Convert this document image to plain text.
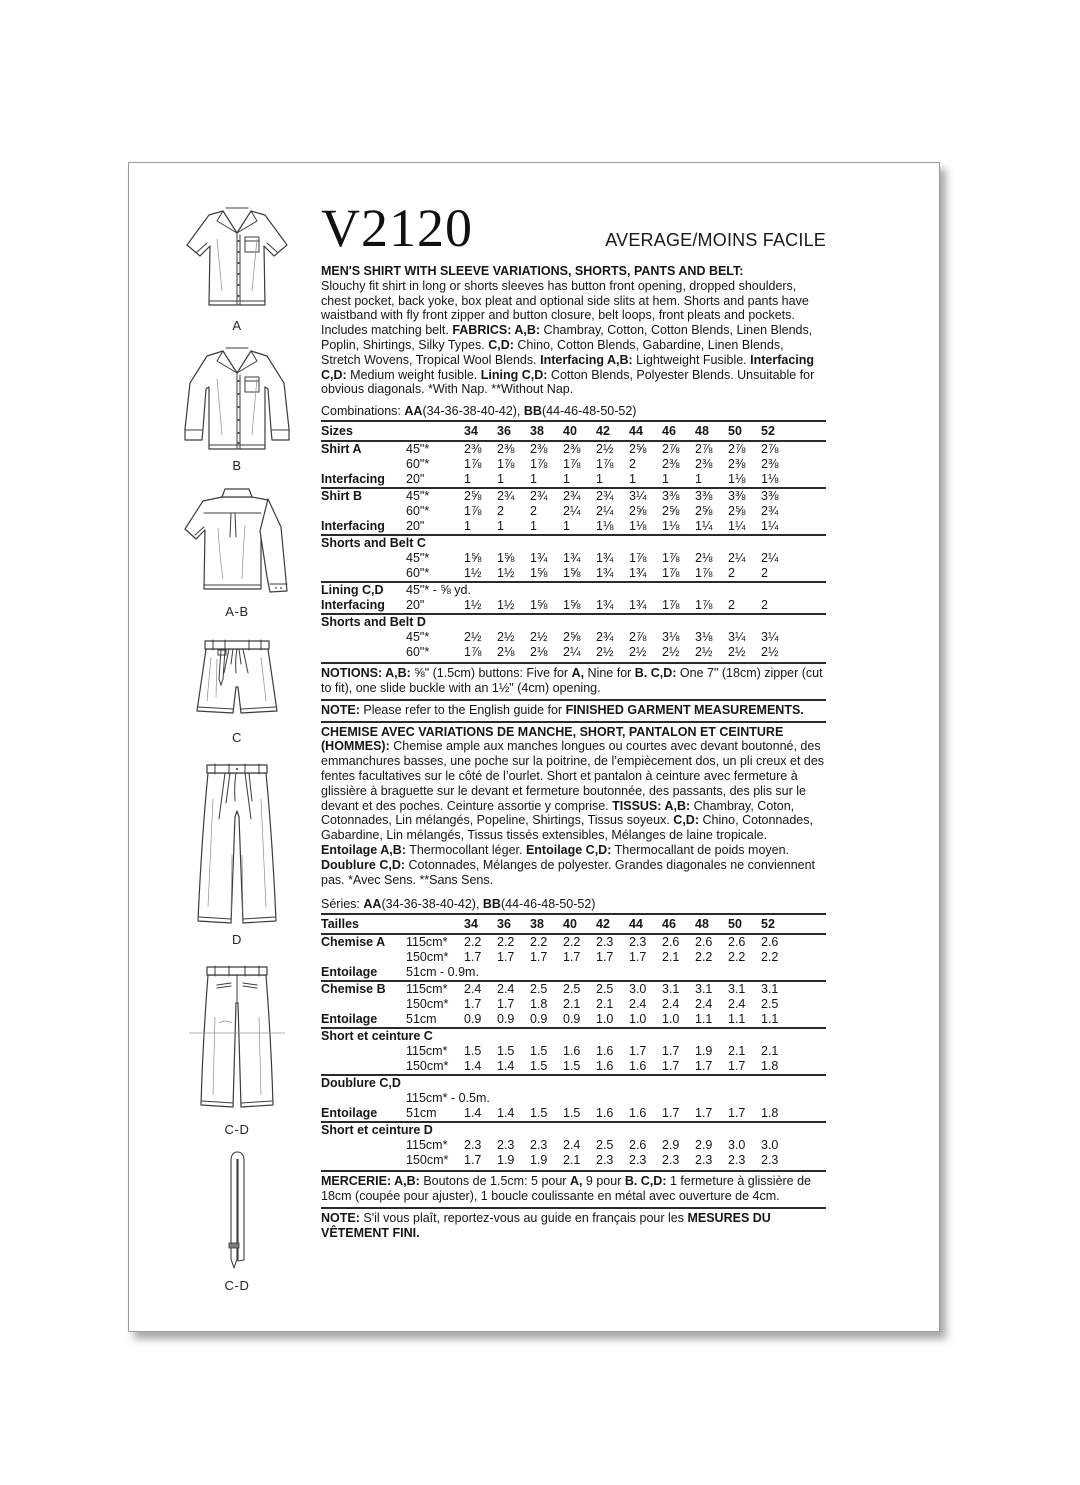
A
B
A-B
C
D
C-D
C-D
V2120	AVERAGE/MOINS FACILE
MEN'S SHIRT WITH SLEEVE VARIATIONS, SHORTS, PANTS AND BELT:
Slouchy fit shirt in long or shorts sleeves has button front opening, dropped shoulders, chest pocket, back yoke, box pleat and optional side slits at hem. Shorts and pants have waistband with fly front zipper and button closure, belt loops, front pleats and pockets. Includes matching belt. FABRICS: A,B: Chambray, Cotton, Cotton Blends, Linen Blends, Poplin, Shirtings, Silky Types. C,D: Chino, Cotton Blends, Gabardine, Linen Blends, Stretch Wovens, Tropical Wool Blends. Interfacing A,B: Lightweight Fusible. Interfacing C,D: Medium weight fusible. Lining C,D: Cotton Blends, Polyester Blends. Unsuitable for obvious diagonals. *With Nap. **Without Nap.
Combinations: AA(34-36-38-40-42), BB(44-46-48-50-52)
Sizes	34	36	38	40	42	44	46	48	50	52
Shirt A	45"*	2⅜	2⅜	2⅜	2⅜	2½	2⅝	2⅞	2⅞	2⅞	2⅞
60"*	1⅞	1⅞	1⅞	1⅞	1⅞	2	2⅜	2⅜	2⅜	2⅜
Interfacing	20"	1	1	1	1	1	1	1	1	1⅛	1⅛
Shirt B	45"*	2⅝	2¾	2¾	2¾	2¾	3¼	3⅜	3⅜	3⅜	3⅜
60"*	1⅞	2	2	2¼	2¼	2⅝	2⅝	2⅝	2⅝	2¾
Interfacing	20"	1	1	1	1	1⅛	1⅛	1⅛	1¼	1¼	1¼
Shorts and Belt C
45"*	1⅝	1⅝	1¾	1¾	1¾	1⅞	1⅞	2⅛	2¼	2¼
60"*	1½	1½	1⅝	1⅝	1¾	1¾	1⅞	1⅞	2	2
Lining C,D	45"* - ⅝ yd.
Interfacing	20"	1½	1½	1⅝	1⅝	1¾	1¾	1⅞	1⅞	2	2
Shorts and Belt D
45"*	2½	2½	2½	2⅝	2¾	2⅞	3⅛	3⅛	3¼	3¼
60"*	1⅞	2⅛	2⅛	2¼	2½	2½	2½	2½	2½	2½
NOTIONS: A,B: ⅝" (1.5cm) buttons: Five for A, Nine for B. C,D: One 7" (18cm) zipper (cut to fit), one slide buckle with an 1½" (4cm) opening.
NOTE: Please refer to the English guide for FINISHED GARMENT MEASUREMENTS.
CHEMISE AVEC VARIATIONS DE MANCHE, SHORT, PANTALON ET CEINTURE (HOMMES): Chemise ample aux manches longues ou courtes avec devant boutonné, des emmanchures basses, une poche sur la poitrine, de l’empiècement dos, un pli creux et des fentes facultatives sur le côté de l’ourlet. Short et pantalon à ceinture avec fermeture à glissière à braguette sur le devant et fermeture boutonnée, des passants, des plis sur le devant et des poches. Ceinture assortie y comprise. TISSUS: A,B: Chambray, Coton, Cotonnades, Lin mélangés, Popeline, Shirtings, Tissus soyeux. C,D: Chino, Cotonnades, Gabardine, Lin mélangés, Tissus tissés extensibles, Mélanges de laine tropicale. Entoilage A,B: Thermocollant léger. Entoilage C,D: Thermocallant de poids moyen. Doublure C,D: Cotonnades, Mélanges de polyester. Grandes diagonales ne conviennent pas. *Avec Sens. **Sans Sens.
Séries: AA(34-36-38-40-42), BB(44-46-48-50-52)
Tailles	34	36	38	40	42	44	46	48	50	52
Chemise A	115cm*	2.2	2.2	2.2	2.2	2.3	2.3	2.6	2.6	2.6	2.6
150cm*	1.7	1.7	1.7	1.7	1.7	1.7	2.1	2.2	2.2	2.2
Entoilage	51cm - 0.9m.
Chemise B	115cm*	2.4	2.4	2.5	2.5	2.5	3.0	3.1	3.1	3.1	3.1
150cm*	1.7	1.7	1.8	2.1	2.1	2.4	2.4	2.4	2.4	2.5
Entoilage	51cm	0.9	0.9	0.9	0.9	1.0	1.0	1.0	1.1	1.1	1.1
Short et ceinture C
115cm*	1.5	1.5	1.5	1.6	1.6	1.7	1.7	1.9	2.1	2.1
150cm*	1.4	1.4	1.5	1.5	1.6	1.6	1.7	1.7	1.7	1.8
Doublure C,D
115cm* - 0.5m.
Entoilage	51cm	1.4	1.4	1.5	1.5	1.6	1.6	1.7	1.7	1.7	1.8
Short et ceinture D
115cm*	2.3	2.3	2.3	2.4	2.5	2.6	2.9	2.9	3.0	3.0
150cm*	1.7	1.9	1.9	2.1	2.3	2.3	2.3	2.3	2.3	2.3
MERCERIE: A,B: Boutons de 1.5cm: 5 pour A, 9 pour B. C,D: 1 fermeture à glissière de 18cm (coupée pour ajuster), 1 boucle coulissante en métal avec ouverture de 4cm.
NOTE: S'il vous plaît, reportez-vous au guide en français pour les MESURES DU VÊTEMENT FINI.
